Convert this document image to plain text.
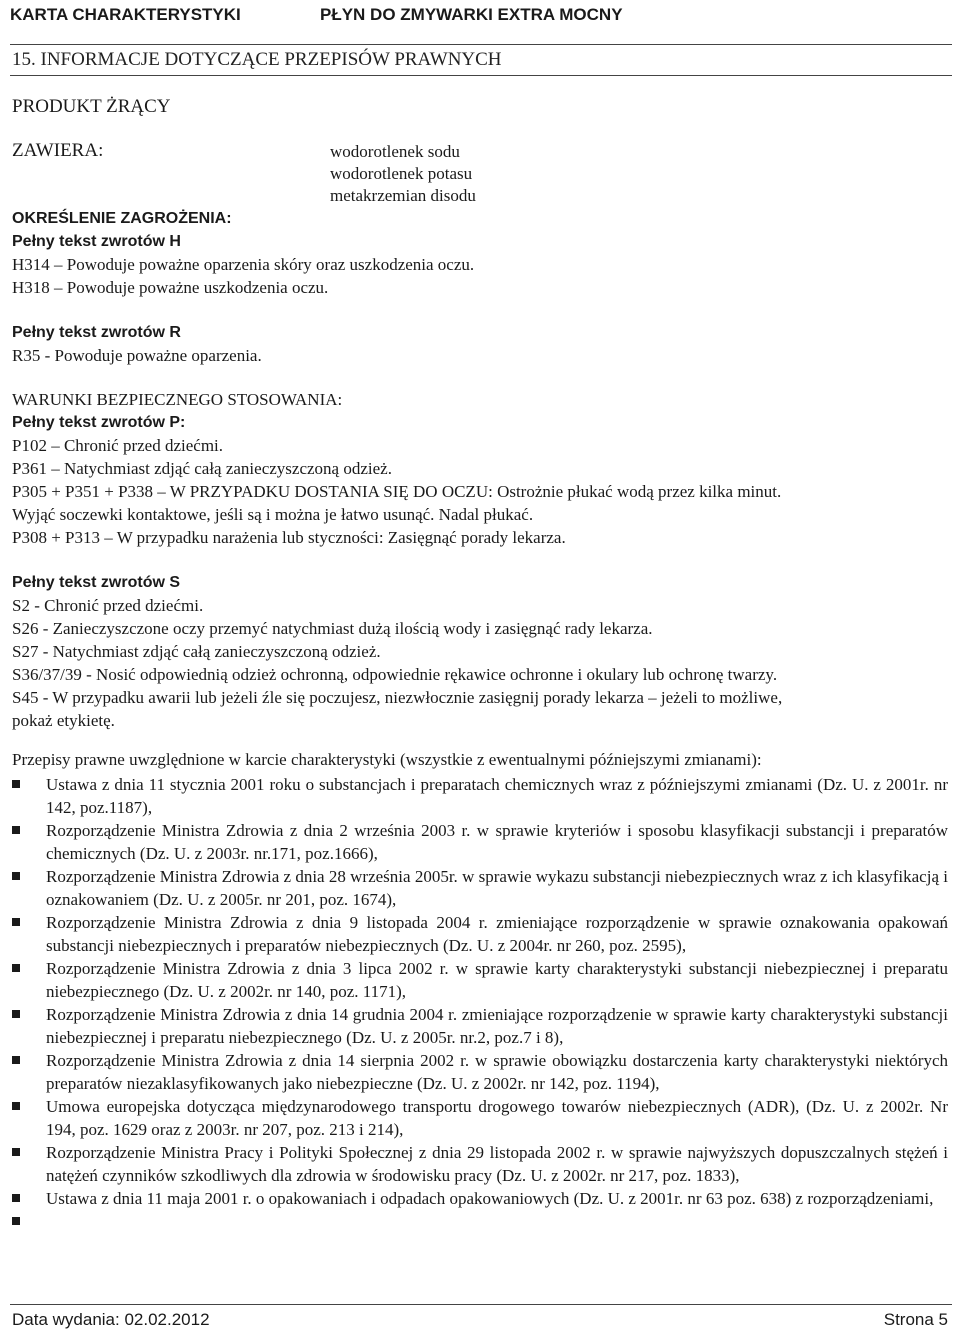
KARTA CHARAKTERYSTYKI	PŁYN DO ZMYWARKI EXTRA MOCNY
15. INFORMACJE DOTYCZĄCE PRZEPISÓW PRAWNYCH
PRODUKT ŻRĄCY
ZAWIERA:	wodorotlenek sodu
wodorotlenek potasu
metakrzemian disodu
OKREŚLENIE ZAGROŻENIA:
Pełny tekst zwrotów H
H314 – Powoduje poważne oparzenia skóry oraz uszkodzenia oczu.
H318 – Powoduje poważne uszkodzenia oczu.
Pełny tekst zwrotów R
R35 - Powoduje poważne oparzenia.
WARUNKI BEZPIECZNEGO STOSOWANIA:
Pełny tekst zwrotów P:
P102 – Chronić przed dziećmi.
P361 – Natychmiast zdjąć całą zanieczyszczoną odzież.
P305 + P351 + P338 – W PRZYPADKU DOSTANIA SIĘ DO OCZU: Ostrożnie płukać wodą przez kilka minut.
Wyjąć soczewki kontaktowe, jeśli są i można je łatwo usunąć. Nadal płukać.
P308 + P313 – W przypadku narażenia lub styczności: Zasięgnąć porady lekarza.
Pełny tekst zwrotów S
S2 - Chronić przed dziećmi.
S26 - Zanieczyszczone oczy przemyć natychmiast dużą ilością wody i zasięgnąć rady lekarza.
S27 - Natychmiast zdjąć całą zanieczyszczoną odzież.
S36/37/39 - Nosić odpowiednią odzież ochronną, odpowiednie rękawice ochronne i okulary lub ochronę twarzy.
S45 - W przypadku awarii lub jeżeli źle się poczujesz, niezwłocznie zasięgnij porady lekarza – jeżeli to możliwe,
pokaż etykietę.
Przepisy prawne uwzględnione w karcie charakterystyki (wszystkie z ewentualnymi późniejszymi zmianami):
Ustawa z dnia 11 stycznia 2001 roku o substancjach i preparatach chemicznych wraz z późniejszymi zmianami (Dz. U. z 2001r. nr 142, poz.1187),
Rozporządzenie Ministra Zdrowia z dnia 2 września 2003 r. w sprawie kryteriów i sposobu klasyfikacji substancji i preparatów chemicznych (Dz. U. z 2003r. nr.171, poz.1666),
Rozporządzenie Ministra Zdrowia z dnia 28 września 2005r. w sprawie wykazu substancji niebezpiecznych wraz z ich klasyfikacją i oznakowaniem (Dz. U. z 2005r. nr 201, poz. 1674),
Rozporządzenie Ministra Zdrowia z dnia 9 listopada 2004 r. zmieniające rozporządzenie w sprawie oznakowania opakowań substancji niebezpiecznych i preparatów niebezpiecznych (Dz. U. z 2004r. nr 260, poz. 2595),
Rozporządzenie Ministra Zdrowia z dnia 3 lipca 2002 r. w sprawie karty charakterystyki substancji niebezpiecznej i preparatu niebezpiecznego (Dz. U. z 2002r. nr 140, poz. 1171),
Rozporządzenie Ministra Zdrowia z dnia 14 grudnia 2004 r. zmieniające rozporządzenie w sprawie karty charakterystyki substancji niebezpiecznej i preparatu niebezpiecznego (Dz. U. z 2005r. nr.2, poz.7 i 8),
Rozporządzenie Ministra Zdrowia z dnia 14 sierpnia 2002 r. w sprawie obowiązku dostarczenia karty charakterystyki niektórych preparatów niezaklasyfikowanych jako niebezpieczne (Dz. U. z 2002r. nr 142, poz. 1194),
Umowa europejska dotycząca międzynarodowego transportu drogowego towarów niebezpiecznych (ADR), (Dz. U. z 2002r. Nr 194, poz. 1629 oraz z 2003r. nr 207, poz. 213 i 214),
Rozporządzenie Ministra Pracy i Polityki Społecznej z dnia 29 listopada 2002 r. w sprawie najwyższych dopuszczalnych stężeń i natężeń czynników szkodliwych dla zdrowia w środowisku pracy (Dz. U. z 2002r. nr 217, poz. 1833),
Ustawa z dnia 11 maja 2001 r. o opakowaniach i odpadach opakowaniowych (Dz. U. z 2001r. nr 63 poz. 638) z rozporządzeniami,
Data wydania: 02.02.2012	Strona 5
